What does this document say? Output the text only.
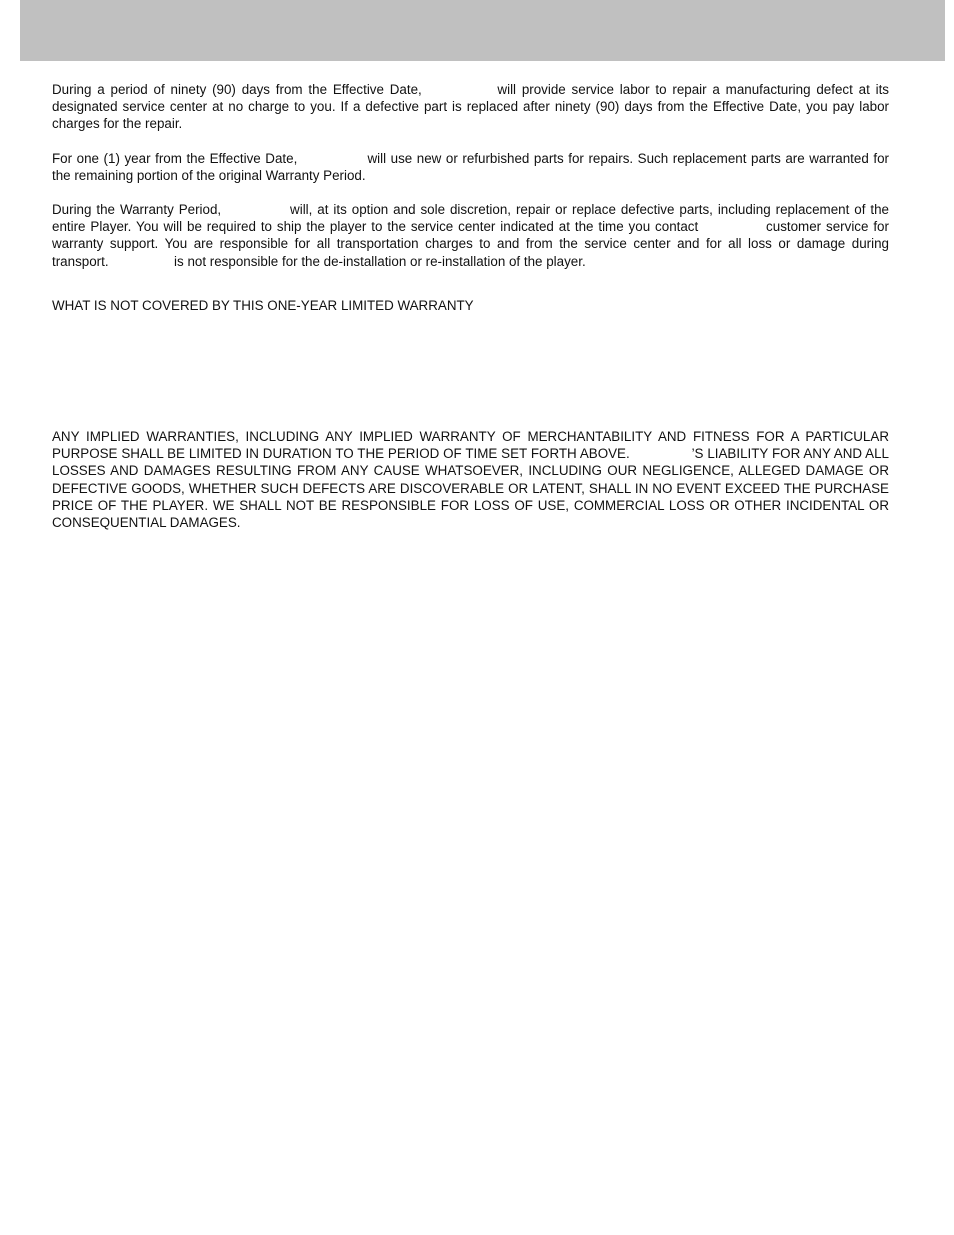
During a period of ninety (90) days from the Effective Date,	will provide service labor to repair a manufacturing defect at its designated service center at no charge to you. If a defective part is replaced after ninety (90) days from the Effective Date, you pay labor charges for the repair.

For one (1) year from the Effective Date,	will use new or refurbished parts for repairs. Such replacement parts are warranted for the remaining portion of the original Warranty Period.

During the Warranty Period,	will, at its option and sole discretion, repair or replace defective parts, including replacement of the entire Player. You will be required to ship the player to the service center indicated at the time you contact	customer service for warranty support. You are responsible for all transportation charges to and from the service center and for all loss or damage during transport.	is not responsible for the de-installation or re-installation of the player.

WHAT IS NOT COVERED BY THIS ONE-YEAR LIMITED WARRANTY

ANY IMPLIED WARRANTIES, INCLUDING ANY IMPLIED WARRANTY OF MERCHANTABILITY AND FITNESS FOR A PARTICULAR PURPOSE SHALL BE LIMITED IN DURATION TO THE PERIOD OF TIME SET FORTH ABOVE.	’S LIABILITY FOR ANY AND ALL LOSSES AND DAMAGES RESULTING FROM ANY CAUSE WHATSOEVER, INCLUDING OUR NEGLIGENCE, ALLEGED DAMAGE OR DEFECTIVE GOODS, WHETHER SUCH DEFECTS ARE DISCOVERABLE OR LATENT, SHALL IN NO EVENT EXCEED THE PURCHASE PRICE OF THE PLAYER. WE SHALL NOT BE RESPONSIBLE FOR LOSS OF USE, COMMERCIAL LOSS OR OTHER INCIDENTAL OR CONSEQUENTIAL DAMAGES.
